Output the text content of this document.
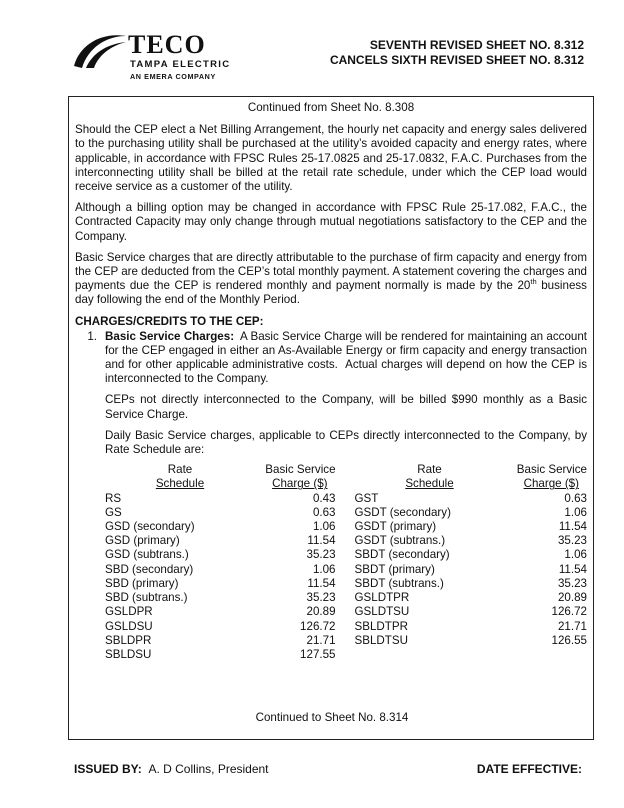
TECO
TAMPA ELECTRIC
AN EMERA COMPANY
SEVENTH REVISED SHEET NO. 8.312
CANCELS SIXTH REVISED SHEET NO. 8.312

Continued from Sheet No. 8.308

Should the CEP elect a Net Billing Arrangement, the hourly net capacity and energy sales delivered to the purchasing utility shall be purchased at the utility’s avoided capacity and energy rates, where applicable, in accordance with FPSC Rules 25-17.0825 and 25-17.0832, F.A.C. Purchases from the interconnecting utility shall be billed at the retail rate schedule, under which the CEP load would receive service as a customer of the utility.

Although a billing option may be changed in accordance with FPSC Rule 25-17.082, F.A.C., the Contracted Capacity may only change through mutual negotiations satisfactory to the CEP and the Company.

Basic Service charges that are directly attributable to the purchase of firm capacity and energy from the CEP are deducted from the CEP’s total monthly payment. A statement covering the charges and payments due the CEP is rendered monthly and payment normally is made by the 20th business day following the end of the Monthly Period.

CHARGES/CREDITS TO THE CEP:
1. Basic Service Charges:  A Basic Service Charge will be rendered for maintaining an account for the CEP engaged in either an As-Available Energy or firm capacity and energy transaction and for other applicable administrative costs.  Actual charges will depend on how the CEP is interconnected to the Company.

CEPs not directly interconnected to the Company, will be billed $990 monthly as a Basic Service Charge.

Daily Basic Service charges, applicable to CEPs directly interconnected to the Company, by Rate Schedule are:

Rate
Schedule
Basic Service
Charge ($)
RS	0.43
GS	0.63
GSD (secondary)	1.06
GSD (primary)	11.54
GSD (subtrans.)	35.23
SBD (secondary)	1.06
SBD (primary)	11.54
SBD (subtrans.)	35.23
GSLDPR	20.89
GSLDSU	126.72
SBLDPR	21.71
SBLDSU	127.55
Rate
Schedule
Basic Service
Charge ($)
GST	0.63
GSDT (secondary)	1.06
GSDT (primary)	11.54
GSDT (subtrans.)	35.23
SBDT (secondary)	1.06
SBDT (primary)	11.54
SBDT (subtrans.)	35.23
GSLDTPR	20.89
GSLDTSU	126.72
SBLDTPR	21.71
SBLDTSU	126.55
Continued to Sheet No. 8.314
ISSUED BY: A. D Collins, President	DATE EFFECTIVE:
